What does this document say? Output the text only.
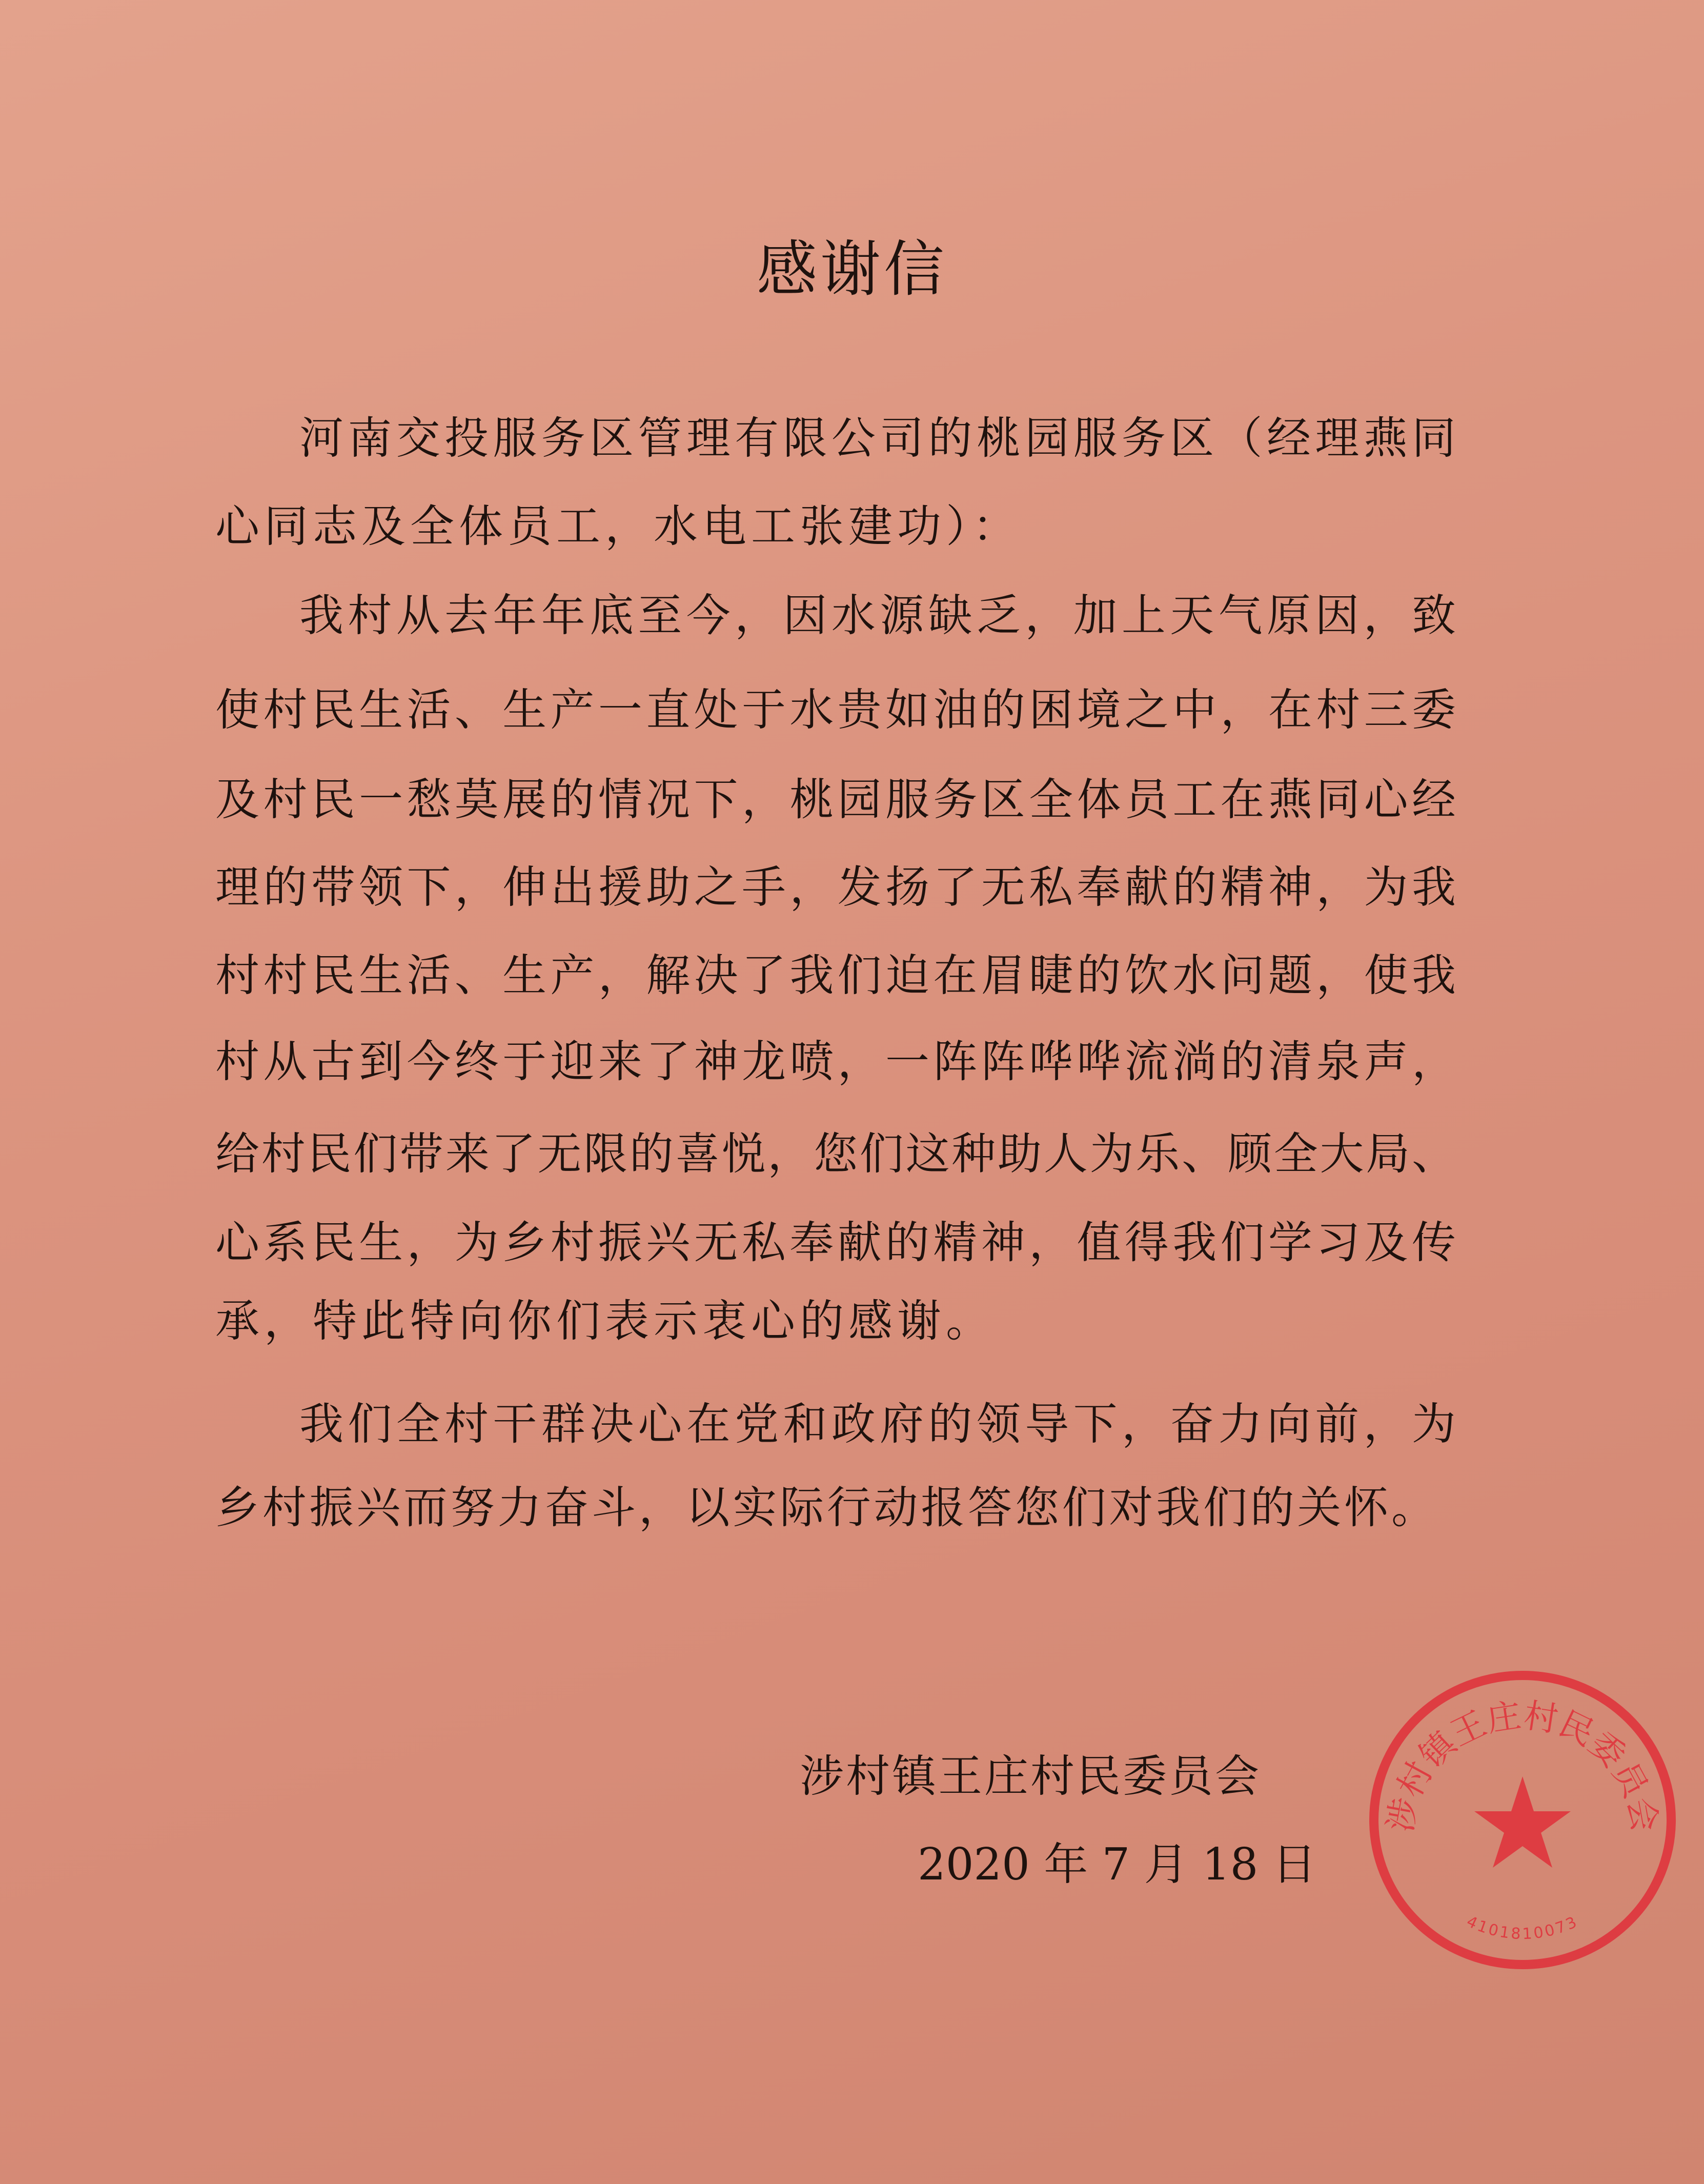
感谢信
河南交投服务区管理有限公司的桃园服务区（经理燕同
心同志及全体员工，水电工张建功）：
我村从去年年底至今，因水源缺乏，加上天气原因，致
使村民生活、生产一直处于水贵如油的困境之中，在村三委
及村民一愁莫展的情况下，桃园服务区全体员工在燕同心经
理的带领下，伸出援助之手，发扬了无私奉献的精神，为我
村村民生活、生产，解决了我们迫在眉睫的饮水问题，使我
村从古到今终于迎来了神龙喷，一阵阵哗哗流淌的清泉声，
给村民们带来了无限的喜悦，您们这种助人为乐、顾全大局、
心系民生，为乡村振兴无私奉献的精神，值得我们学习及传
承，特此特向你们表示衷心的感谢。
我们全村干群决心在党和政府的领导下，奋力向前，为
乡村振兴而努力奋斗，以实际行动报答您们对我们的关怀。
涉村镇王庄村民委员会
4101810073
涉村镇王庄村民委员会
2020 年 7 月 18 日
